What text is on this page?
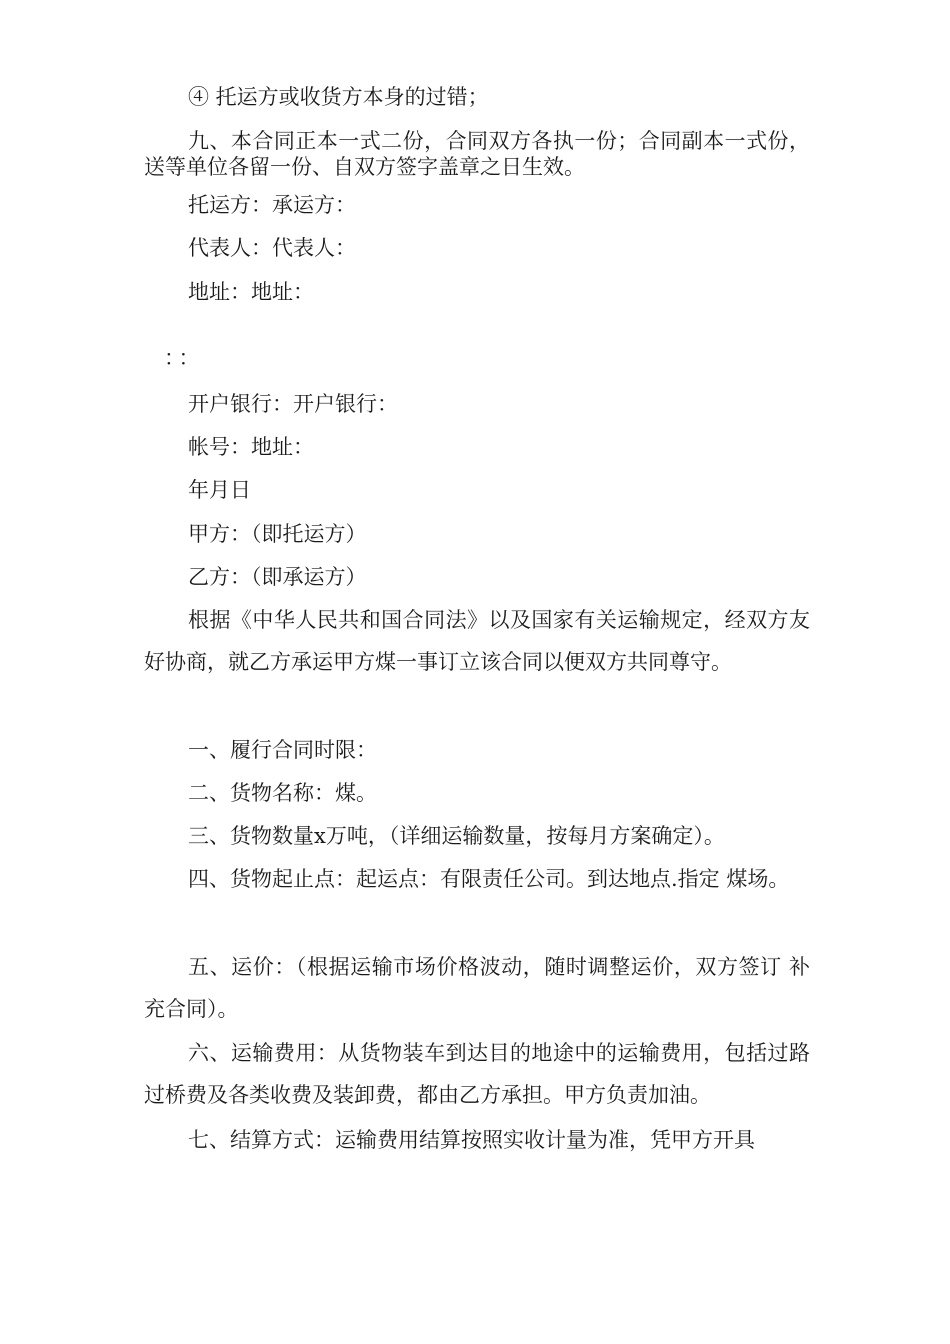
④ 托运方或收货方本身的过错；

九、本合同正本一式二份，合同双方各执一份；合同副本一式份，送等单位各留一份、自双方签字盖章之日生效。

托运方：承运方：

代表人：代表人：

地址：地址：

：：

开户银行：开户银行：

帐号：地址：

年月日

甲方：（即托运方）

乙方：（即承运方）

根据《中华人民共和国合同法》以及国家有关运输规定，经双方友好协商，就乙方承运甲方煤一事订立该合同以便双方共同尊守。

一、履行合同时限：

二、货物名称：煤。

三、货物数量x万吨，（详细运输数量，按每月方案确定）。

四、货物起止点：起运点：有限责任公司。到达地点.指定 煤场。

五、运价：（根据运输市场价格波动，随时调整运价，双方签订 补充合同）。

六、运输费用：从货物装车到达目的地途中的运输费用，包括过路过桥费及各类收费及装卸费，都由乙方承担。甲方负责加油。

七、结算方式：运输费用结算按照实收计量为准，凭甲方开具
